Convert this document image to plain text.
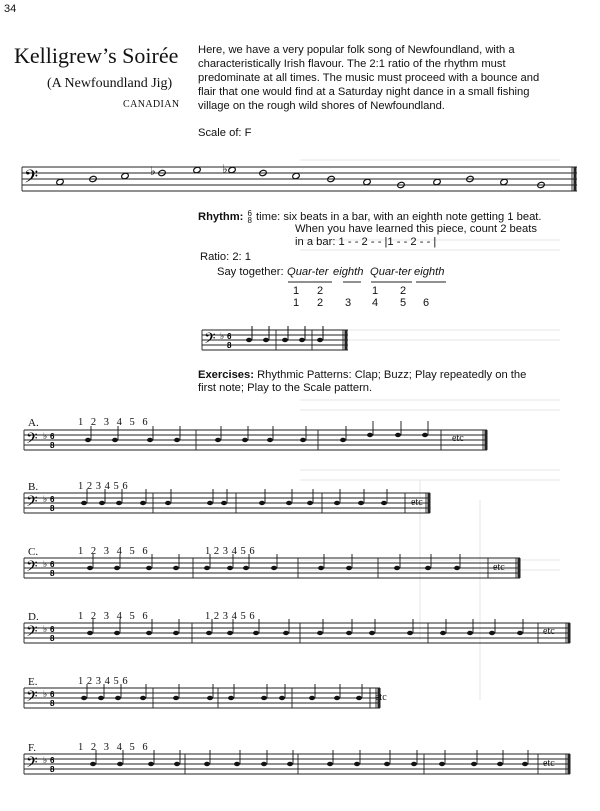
34
Kelligrew’s Soirée
(A Newfoundland Jig)
CANADIAN
Here, we have a very popular folk song of Newfoundland, with a characteristically Irish flavour. The 2:1 ratio of the rhythm must predominate at all times. The music must proceed with a bounce and flair that one would find at a Saturday night dance in a small fishing village on the rough wild shores of Newfoundland.
Scale of: F
𝄢	♭	♭
Rhythm: 6
8 time: six beats in a bar, with an eighth note getting 1 beat.
When you have learned this piece, count 2 beats
in a bar: 1 - - 2 - - |1 - - 2 - - |
Ratio: 2: 1
Say together: Quar-ter eighth Quar-ter eighth
1 2	1 2
1 2 3 4 5 6
𝄢 ♭ 6
8
Exercises: Rhythmic Patterns: Clap; Buzz; Play repeatedly on the first note; Play to the Scale pattern.
A.	1 2 3 4 5 6
B.	1 2 3 4 5 6
C.	1 2 3 4 5 6	1 2 3 4 5 6
D.	1 2 3 4 5 6	1 2 3 4 5 6
E.	1 2 3 4 5 6
F.	1 2 3 4 5 6
etc
etc
etc
etc
etc
etc
𝄢 ♭ 6
8
𝄢 ♭ 6
8
𝄢 ♭ 6
8
𝄢 ♭ 6
8
𝄢 ♭ 6
8
𝄢 ♭ 6
8
